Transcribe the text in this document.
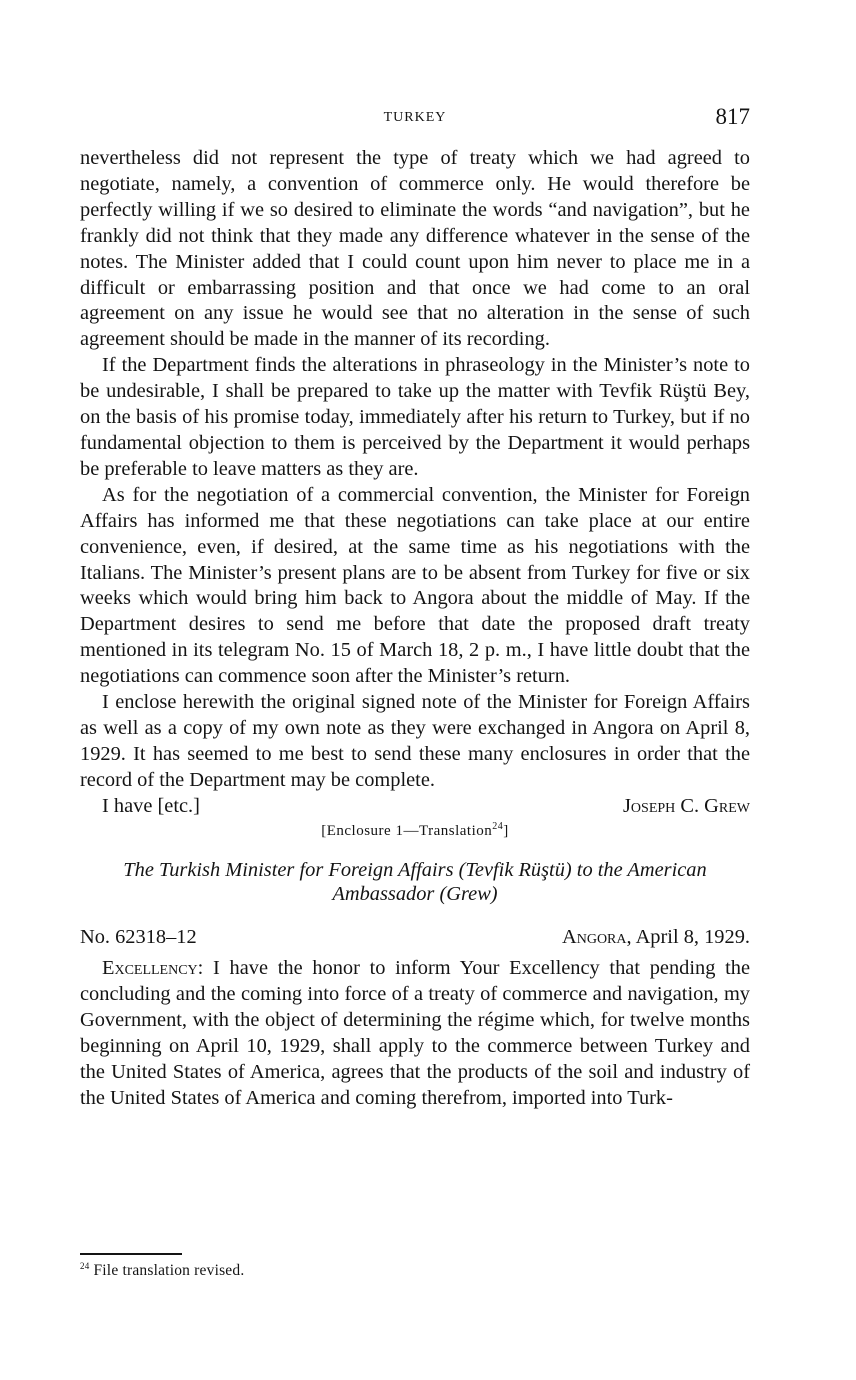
TURKEY	817

nevertheless did not represent the type of treaty which we had agreed to negotiate, namely, a convention of commerce only. He would therefore be perfectly willing if we so desired to eliminate the words “and navigation”, but he frankly did not think that they made any difference whatever in the sense of the notes. The Minister added that I could count upon him never to place me in a difficult or embarrassing position and that once we had come to an oral agreement on any issue he would see that no alteration in the sense of such agreement should be made in the manner of its recording.

If the Department finds the alterations in phraseology in the Minister’s note to be undesirable, I shall be prepared to take up the matter with Tevfik Rüştü Bey, on the basis of his promise today, immediately after his return to Turkey, but if no fundamental objection to them is perceived by the Department it would perhaps be preferable to leave matters as they are.

As for the negotiation of a commercial convention, the Minister for Foreign Affairs has informed me that these negotiations can take place at our entire convenience, even, if desired, at the same time as his negotiations with the Italians. The Minister’s present plans are to be absent from Turkey for five or six weeks which would bring him back to Angora about the middle of May. If the Department desires to send me before that date the proposed draft treaty mentioned in its telegram No. 15 of March 18, 2 p. m., I have little doubt that the negotiations can commence soon after the Minister’s return.

I enclose herewith the original signed note of the Minister for Foreign Affairs as well as a copy of my own note as they were exchanged in Angora on April 8, 1929. It has seemed to me best to send these many enclosures in order that the record of the Department may be complete.

I have [etc.]	Joseph C. Grew
[Enclosure 1—Translation$^{24}$]
The Turkish Minister for Foreign Affairs (Tevfik Rüştü) to the American Ambassador (Grew)
No. 62318–12	Angora, April 8, 1929.

Excellency: I have the honor to inform Your Excellency that pending the concluding and the coming into force of a treaty of commerce and navigation, my Government, with the object of determining the régime which, for twelve months beginning on April 10, 1929, shall apply to the commerce between Turkey and the United States of America, agrees that the products of the soil and industry of the United States of America and coming therefrom, imported into Turk-

$^{24}$ File translation revised.
